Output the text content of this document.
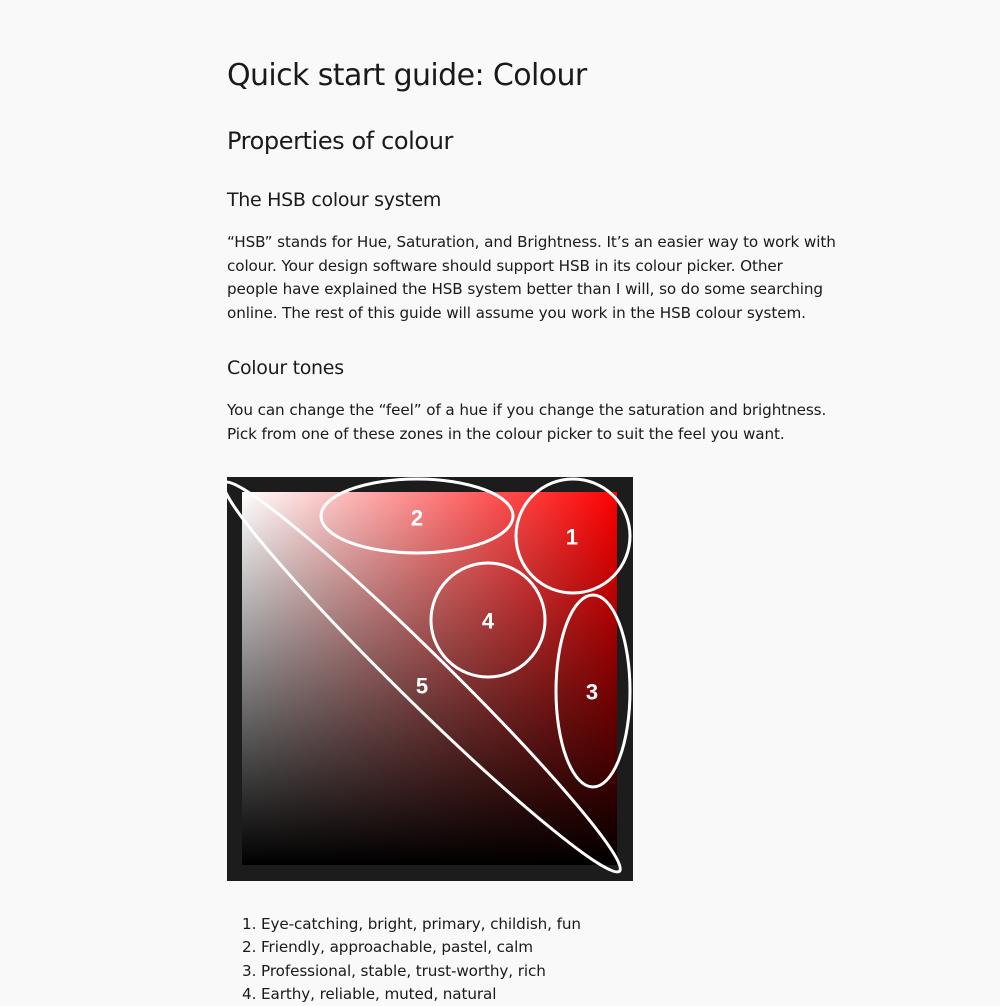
Quick start guide: Colour
Properties of colour
The HSB colour system

“HSB” stands for Hue, Saturation, and Brightness. It’s an easier way to work with
colour. Your design software should support HSB in its colour picker. Other
people have explained the HSB system better than I will, so do some searching
online. The rest of this guide will assume you work in the HSB colour system.

Colour tones

You can change the “feel” of a hue if you change the saturation and brightness.
Pick from one of these zones in the colour picker to suit the feel you want.

1
2
3
4
5
1. Eye-catching, bright, primary, childish, fun
2. Friendly, approachable, pastel, calm
3. Professional, stable, trust-worthy, rich
4. Earthy, reliable, muted, natural
